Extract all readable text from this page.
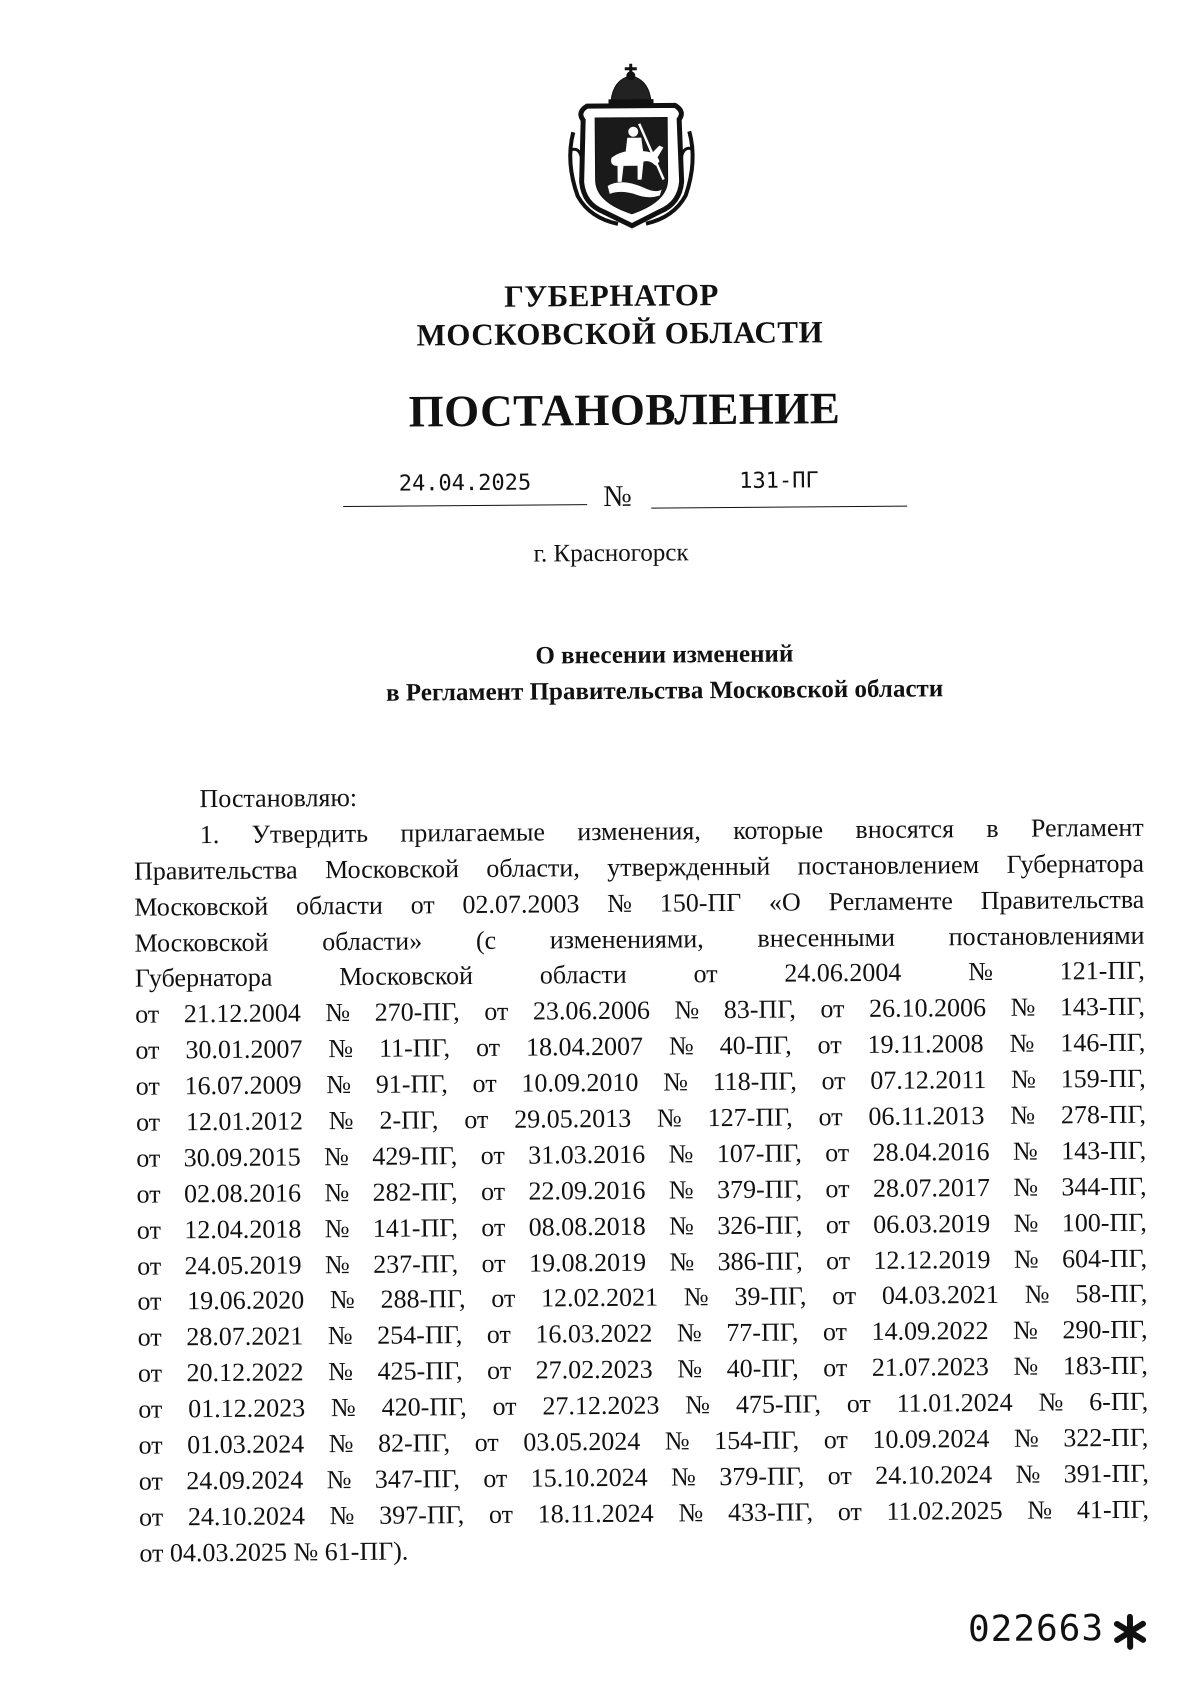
ГУБЕРНАТОР
МОСКОВСКОЙ ОБЛАСТИ
ПОСТАНОВЛЕНИЕ
24.04.2025	№	131-ПГ
г. Красногорск
О внесении изменений
в Регламент Правительства Московской области
Постановляю:
1. Утвердить прилагаемые изменения, которые вносятся в Регламент
Правительства Московской области, утвержденный постановлением Губернатора
Московской области от 02.07.2003 № 150-ПГ «О Регламенте Правительства
Московской области» (с изменениями, внесенными постановлениями
Губернатора	Московской	области	от	24.06.2004	№	121-ПГ,
от 21.12.2004 № 270-ПГ, от 23.06.2006 № 83-ПГ, от 26.10.2006 № 143-ПГ,
от 30.01.2007 № 11-ПГ, от 18.04.2007 № 40-ПГ, от 19.11.2008 № 146-ПГ,
от 16.07.2009 № 91-ПГ, от 10.09.2010 № 118-ПГ, от 07.12.2011 № 159-ПГ,
от 12.01.2012 № 2-ПГ, от 29.05.2013 № 127-ПГ, от 06.11.2013 № 278-ПГ,
от 30.09.2015 № 429-ПГ, от 31.03.2016 № 107-ПГ, от 28.04.2016 № 143-ПГ,
от 02.08.2016 № 282-ПГ, от 22.09.2016 № 379-ПГ, от 28.07.2017 № 344-ПГ,
от 12.04.2018 № 141-ПГ, от 08.08.2018 № 326-ПГ, от 06.03.2019 № 100-ПГ,
от 24.05.2019 № 237-ПГ, от 19.08.2019 № 386-ПГ, от 12.12.2019 № 604-ПГ,
от 19.06.2020 № 288-ПГ, от 12.02.2021 № 39-ПГ, от 04.03.2021 № 58-ПГ,
от 28.07.2021 № 254-ПГ, от 16.03.2022 № 77-ПГ, от 14.09.2022 № 290-ПГ,
от 20.12.2022 № 425-ПГ, от 27.02.2023 № 40-ПГ, от 21.07.2023 № 183-ПГ,
от 01.12.2023 № 420-ПГ, от 27.12.2023 № 475-ПГ, от 11.01.2024 № 6-ПГ,
от 01.03.2024 № 82-ПГ, от 03.05.2024 № 154-ПГ, от 10.09.2024 № 322-ПГ,
от 24.09.2024 № 347-ПГ, от 15.10.2024 № 379-ПГ, от 24.10.2024 № 391-ПГ,
от 24.10.2024 № 397-ПГ, от 18.11.2024 № 433-ПГ, от 11.02.2025 № 41-ПГ,
от 04.03.2025 № 61-ПГ).
022663
